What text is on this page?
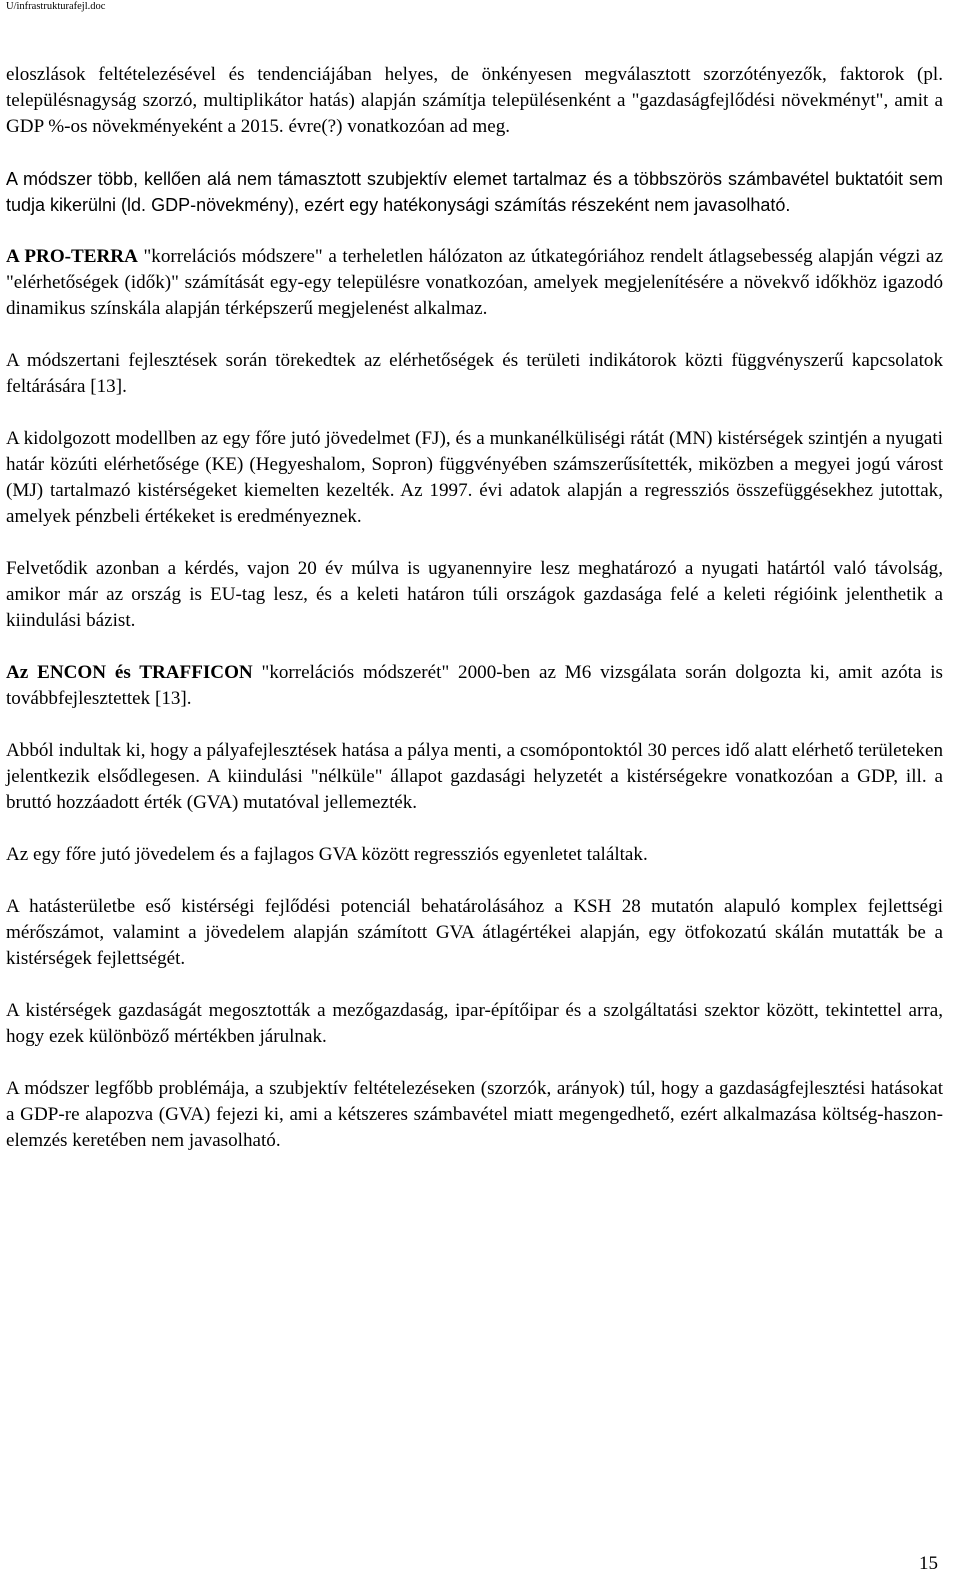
U/infrastrukturafejl.doc

eloszlások feltételezésével és tendenciájában helyes, de önkényesen megválasztott szorzótényezők, faktorok (pl. településnagyság szorzó, multiplikátor hatás) alapján számítja településenként a "gazdaságfejlődési növekményt", amit a GDP %-os növekményeként a 2015. évre(?) vonatkozóan ad meg.

A módszer több, kellően alá nem támasztott szubjektív elemet tartalmaz és a többszörös számbavétel buktatóit sem tudja kikerülni (ld. GDP-növekmény), ezért egy hatékonysági számítás részeként nem javasolható.

A PRO-TERRA "korrelációs módszere" a terheletlen hálózaton az útkategóriához rendelt átlagsebesség alapján végzi az "elérhetőségek (idők)" számítását egy-egy településre vonatkozóan, amelyek megjelenítésére a növekvő időkhöz igazodó dinamikus színskála alapján térképszerű megjelenést alkalmaz.

A módszertani fejlesztések során törekedtek az elérhetőségek és területi indikátorok közti függvényszerű kapcsolatok feltárására [13].

A kidolgozott modellben az egy főre jutó jövedelmet (FJ), és a munkanélküliségi rátát (MN) kistérségek szintjén a nyugati határ közúti elérhetősége (KE) (Hegyeshalom, Sopron) függvényében számszerűsítették, miközben a megyei jogú várost (MJ) tartalmazó kistérségeket kiemelten kezelték. Az 1997. évi adatok alapján a regressziós összefüggésekhez jutottak, amelyek pénzbeli értékeket is eredményeznek.

Felvetődik azonban a kérdés, vajon 20 év múlva is ugyanennyire lesz meghatározó a nyugati határtól való távolság, amikor már az ország is EU-tag lesz, és a keleti határon túli országok gazdasága felé a keleti régióink jelenthetik a kiindulási bázist.

Az ENCON és TRAFFICON "korrelációs módszerét" 2000-ben az M6 vizsgálata során dolgozta ki, amit azóta is továbbfejlesztettek [13].

Abból indultak ki, hogy a pályafejlesztések hatása a pálya menti, a csomópontoktól 30 perces idő alatt elérhető területeken jelentkezik elsődlegesen. A kiindulási "nélküle" állapot gazdasági helyzetét a kistérségekre vonatkozóan a GDP, ill. a bruttó hozzáadott érték (GVA) mutatóval jellemezték.

Az egy főre jutó jövedelem és a fajlagos GVA között regressziós egyenletet találtak.

A hatásterületbe eső kistérségi fejlődési potenciál behatárolásához a KSH 28 mutatón alapuló komplex fejlettségi mérőszámot, valamint a jövedelem alapján számított GVA átlagértékei alapján, egy ötfokozatú skálán mutatták be a kistérségek fejlettségét.

A kistérségek gazdaságát megosztották a mezőgazdaság, ipar-építőipar és a szolgáltatási szektor között, tekintettel arra, hogy ezek különböző mértékben járulnak.

A módszer legfőbb problémája, a szubjektív feltételezéseken (szorzók, arányok) túl, hogy a gazdaságfejlesztési hatásokat a GDP-re alapozva (GVA) fejezi ki, ami a kétszeres számbavétel miatt megengedhető, ezért alkalmazása költség-haszon-elemzés keretében nem javasolható.

15
